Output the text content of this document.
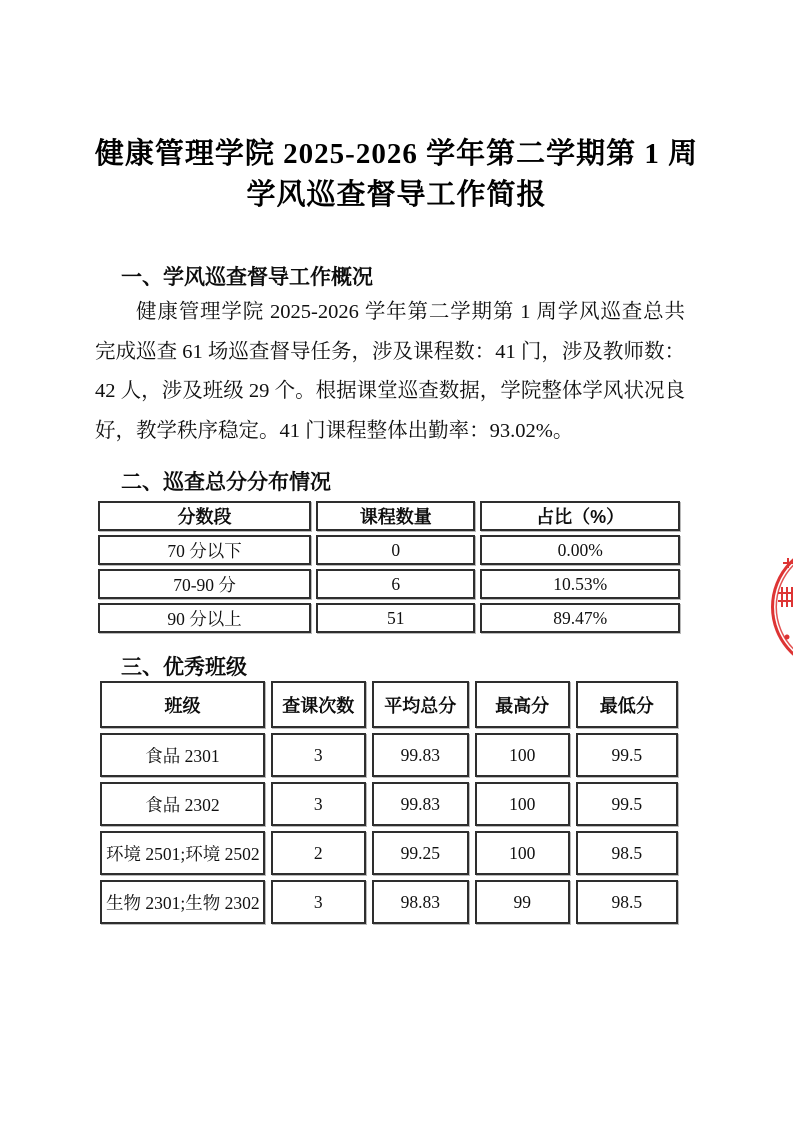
健康管理学院 2025-2026 学年第二学期第 1 周
学风巡查督导工作简报
一、学风巡查督导工作概况

健康管理学院 2025-2026 学年第二学期第 1 周学风巡查总共完成巡查 61 场巡查督导任务，涉及课程数：41 门，涉及教师数：42 人，涉及班级 29 个。根据课堂巡查数据，学院整体学风状况良好，教学秩序稳定。41 门课程整体出勤率：93.02%。

二、巡查总分分布情况
分数段	课程数量	占比（%）
70 分以下	0	0.00%
70-90 分	6	10.53%
90 分以上	51	89.47%
三、优秀班级
班级	查课次数	平均总分	最高分	最低分
食品 2301	3	99.83	100	99.5
食品 2302	3	99.83	100	99.5
环境 2501;环境 2502	2	99.25	100	98.5
生物 2301;生物 2302	3	98.83	99	98.5
